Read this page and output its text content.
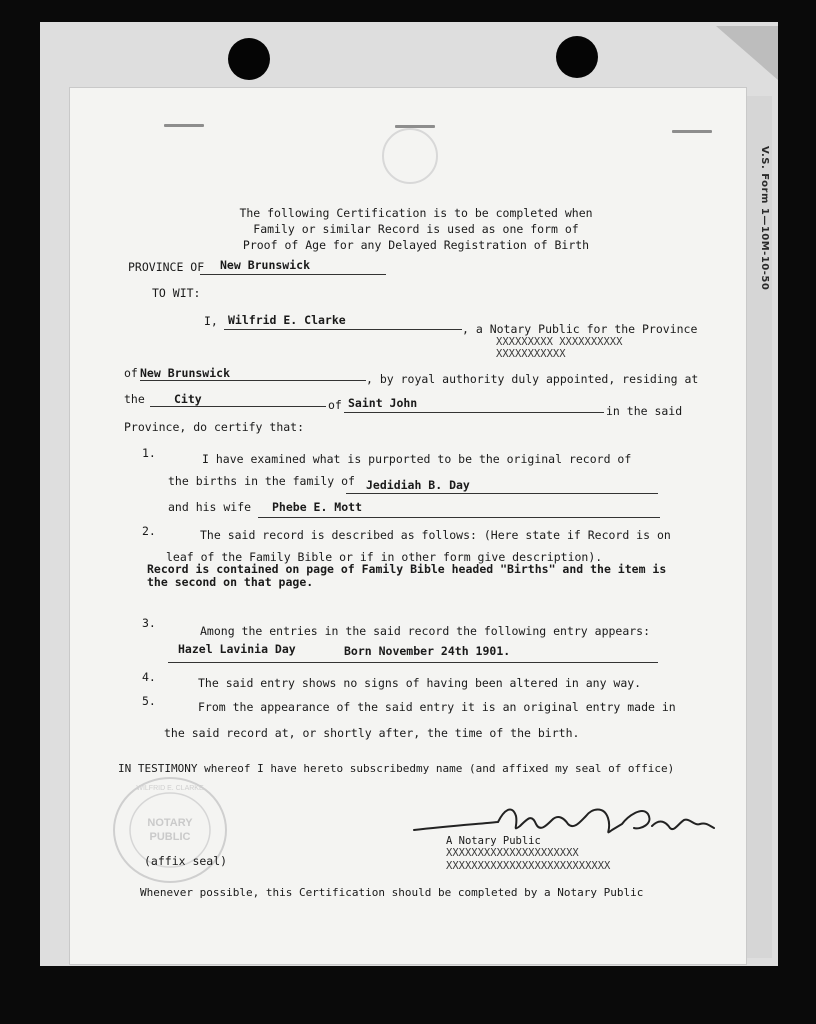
V.S. Form 1—10M-10-50
The following Certification is to be completed when
Family or similar Record is used as one form of
Proof of Age for any Delayed Registration of Birth
PROVINCE OF New Brunswick
TO WIT:
I, Wilfrid E. Clarke
, a Notary Public for the Province
XXXXXXXXX XXXXXXXXXX
XXXXXXXXXXX
of New Brunswick	, by royal authority duly appointed, residing at
the	City	of Saint John
in the said
Province, do certify that:
1.	I have examined what is purported to be the original record of
the births in the family of Jedidiah B. Day
and his wife Phebe E. Mott
2.	The said record is described as follows: (Here state if Record is on
leaf of the Family Bible or if in other form give description).
Record is contained on page of Family Bible headed "Births" and the item is
the second on that page.
3.
Among the entries in the said record the following entry appears:
Hazel Lavinia Day	Born November 24th 1901.
4.	The said entry shows no signs of having been altered in any way.
5.	From the appearance of the said entry it is an original entry made in
the said record at, or shortly after, the time of the birth.
IN TESTIMONY whereof I have hereto subscribedmy name (and affixed my seal of office)
NOTARY
PUBLIC
WILFRID E. CLARKE
A Notary Public
XXXXXXXXXXXXXXXXXXXXX
XXXXXXXXXXXXXXXXXXXXXXXXXX
(affix seal)
Whenever possible, this Certification should be completed by a Notary Public
